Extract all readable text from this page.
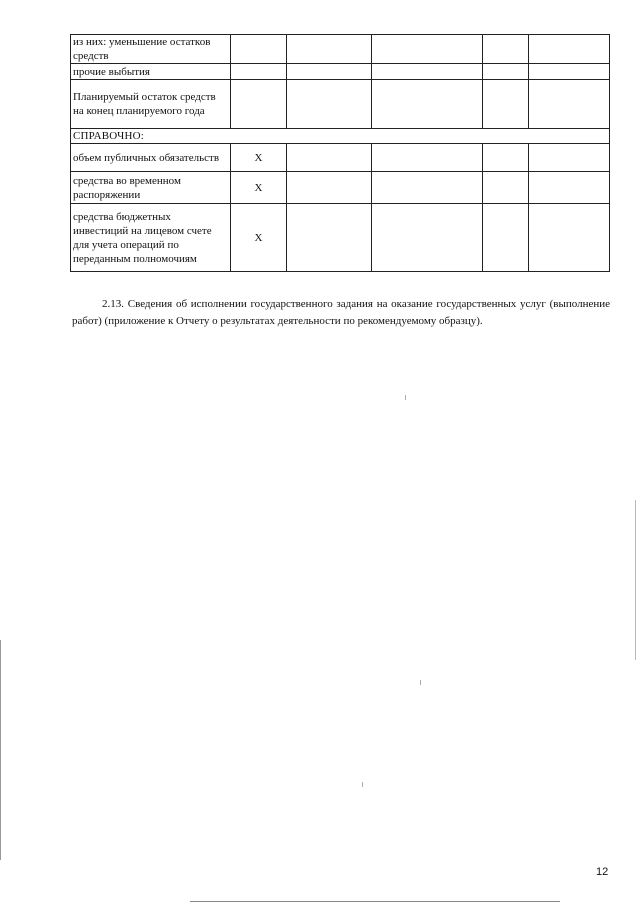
из них: уменьшение остатков средств					
прочие выбытия					
Планируемый остаток средств на конец планируемого года					
СПРАВОЧНО:					
объем публичных обязательств	X				
средства во временном распоряжении	X				
средства бюджетных инвестиций на лицевом счете для учета операций по переданным полномочиям	X				

2.13. Сведения об исполнении государственного задания на оказание государственных услуг (выполнение работ) (приложение к Отчету о результатах деятельности по рекомендуемому образцу).

12
